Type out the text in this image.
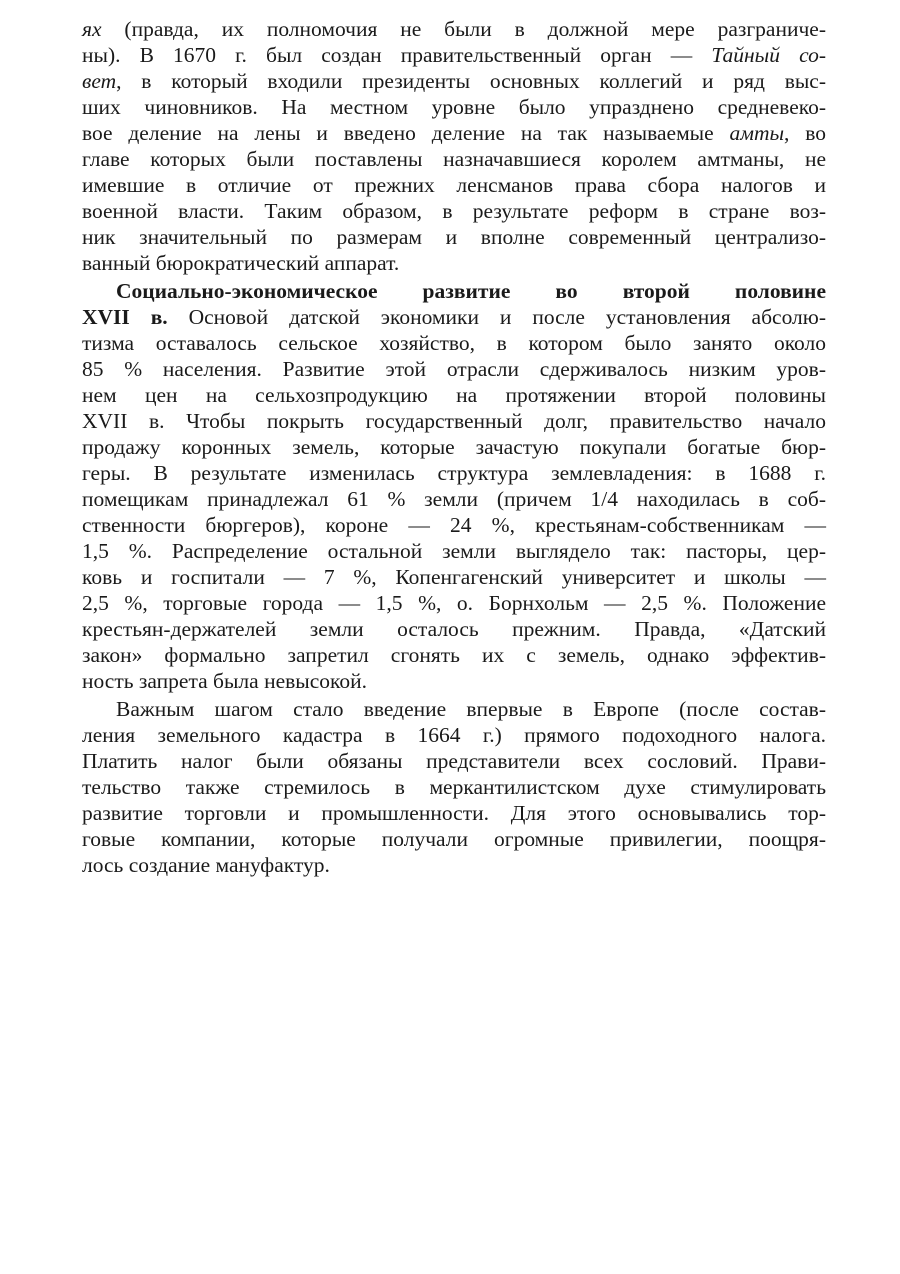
ях (правда, их полномочия не были в должной мере разграниче-
ны). В 1670 г. был создан правительственный орган — Тайный со-
вет, в который входили президенты основных коллегий и ряд выс-
ших чиновников. На местном уровне было упразднено средневеко-
вое деление на лены и введено деление на так называемые амты, во
главе которых были поставлены назначавшиеся королем амтманы, не
имевшие в отличие от прежних ленсманов права сбора налогов и
военной власти. Таким образом, в результате реформ в стране воз-
ник значительный по размерам и вполне современный централизо-
ванный бюрократический аппарат.
Социально-экономическое развитие во второй половине
XVII в. Основой датской экономики и после установления абсолю-
тизма оставалось сельское хозяйство, в котором было занято около
85 % населения. Развитие этой отрасли сдерживалось низким уров-
нем цен на сельхозпродукцию на протяжении второй половины
XVII в. Чтобы покрыть государственный долг, правительство начало
продажу коронных земель, которые зачастую покупали богатые бюр-
геры. В результате изменилась структура землевладения: в 1688 г.
помещикам принадлежал 61 % земли (причем 1/4 находилась в соб-
ственности бюргеров), короне — 24 %, крестьянам-собственникам —
1,5 %. Распределение остальной земли выглядело так: пасторы, цер-
ковь и госпитали — 7 %, Копенгагенский университет и школы —
2,5 %, торговые города — 1,5 %, о. Борнхольм — 2,5 %. Положение
крестьян-держателей земли осталось прежним. Правда, «Датский
закон» формально запретил сгонять их с земель, однако эффектив-
ность запрета была невысокой.
Важным шагом стало введение впервые в Европе (после состав-
ления земельного кадастра в 1664 г.) прямого подоходного налога.
Платить налог были обязаны представители всех сословий. Прави-
тельство также стремилось в меркантилистском духе стимулировать
развитие торговли и промышленности. Для этого основывались тор-
говые компании, которые получали огромные привилегии, поощря-
лось создание мануфактур.
